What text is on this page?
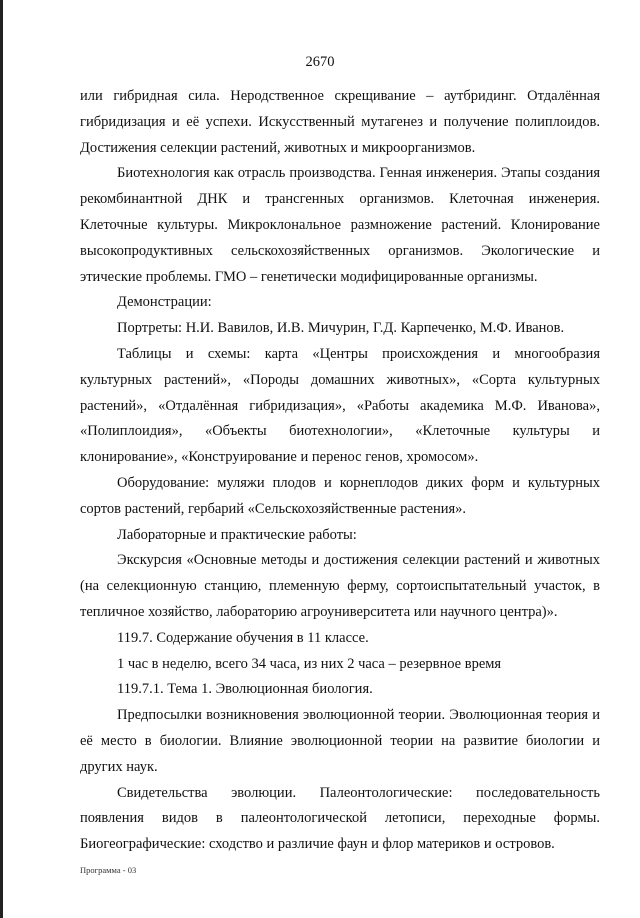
2670

или гибридная сила. Неродственное скрещивание – аутбридинг. Отдалённая гибридизация и её успехи. Искусственный мутагенез и получение полиплоидов. Достижения селекции растений, животных и микроорганизмов.

Биотехнология как отрасль производства. Генная инженерия. Этапы создания рекомбинантной ДНК и трансгенных организмов. Клеточная инженерия. Клеточные культуры. Микроклональное размножение растений. Клонирование высокопродуктивных сельскохозяйственных организмов. Экологические и этические проблемы. ГМО – генетически модифицированные организмы.

Демонстрации:

Портреты: Н.И. Вавилов, И.В. Мичурин, Г.Д. Карпеченко, М.Ф. Иванов.

Таблицы и схемы: карта «Центры происхождения и многообразия культурных растений», «Породы домашних животных», «Сорта культурных растений», «Отдалённая гибридизация», «Работы академика М.Ф. Иванова», «Полиплоидия», «Объекты биотехнологии», «Клеточные культуры и клонирование», «Конструирование и перенос генов, хромосом».

Оборудование: муляжи плодов и корнеплодов диких форм и культурных сортов растений, гербарий «Сельскохозяйственные растения».

Лабораторные и практические работы:

Экскурсия «Основные методы и достижения селекции растений и животных (на селекционную станцию, племенную ферму, сортоиспытательный участок, в тепличное хозяйство, лабораторию агроуниверситета или научного центра)».

119.7. Содержание обучения в 11 классе.

1 час в неделю, всего 34 часа, из них 2 часа – резервное время

119.7.1. Тема 1. Эволюционная биология.

Предпосылки возникновения эволюционной теории. Эволюционная теория и её место в биологии. Влияние эволюционной теории на развитие биологии и других наук.

Свидетельства эволюции. Палеонтологические: последовательность появления видов в палеонтологической летописи, переходные формы. Биогеографические: сходство и различие фаун и флор материков и островов.

Программа - 03
